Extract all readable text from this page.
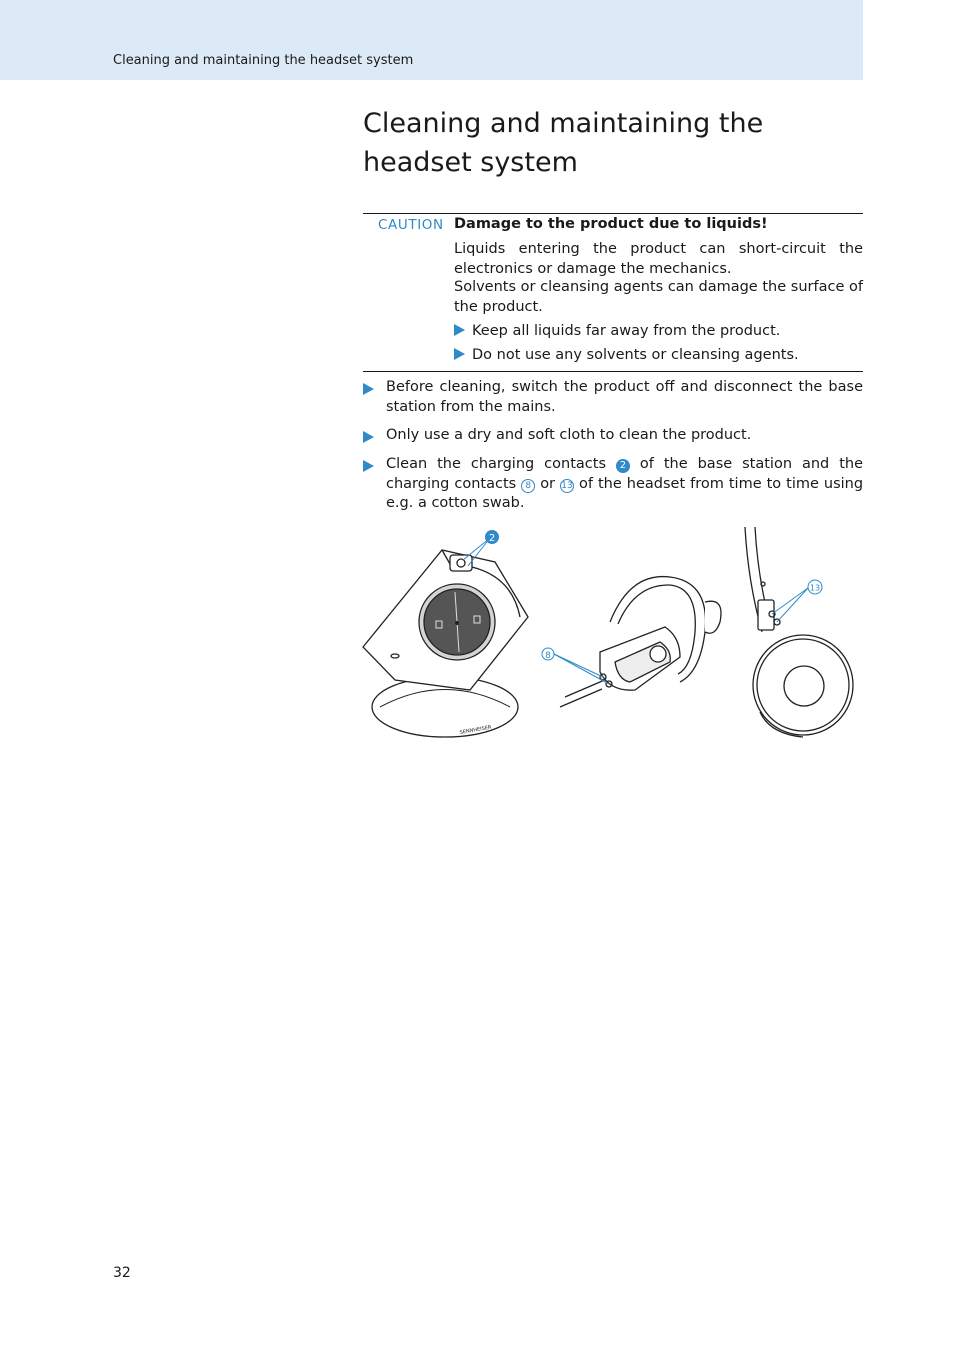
Cleaning and maintaining the headset system
Cleaning and maintaining the
headset system
CAUTION Damage to the product due to liquids!
Liquids entering the product can short-circuit the electronics or damage the mechanics.
Solvents or cleansing agents can damage the surface of the product.
Keep all liquids far away from the product.
Do not use any solvents or cleansing agents.
Before cleaning, switch the product off and disconnect the base station from the mains.
Only use a dry and soft cloth to clean the product.
Clean the charging contacts 2 of the base station and the charging contacts 8 or 13 of the headset from time to time using e.g. a cotton swab.
SENNHEISER
2
8
13
32
